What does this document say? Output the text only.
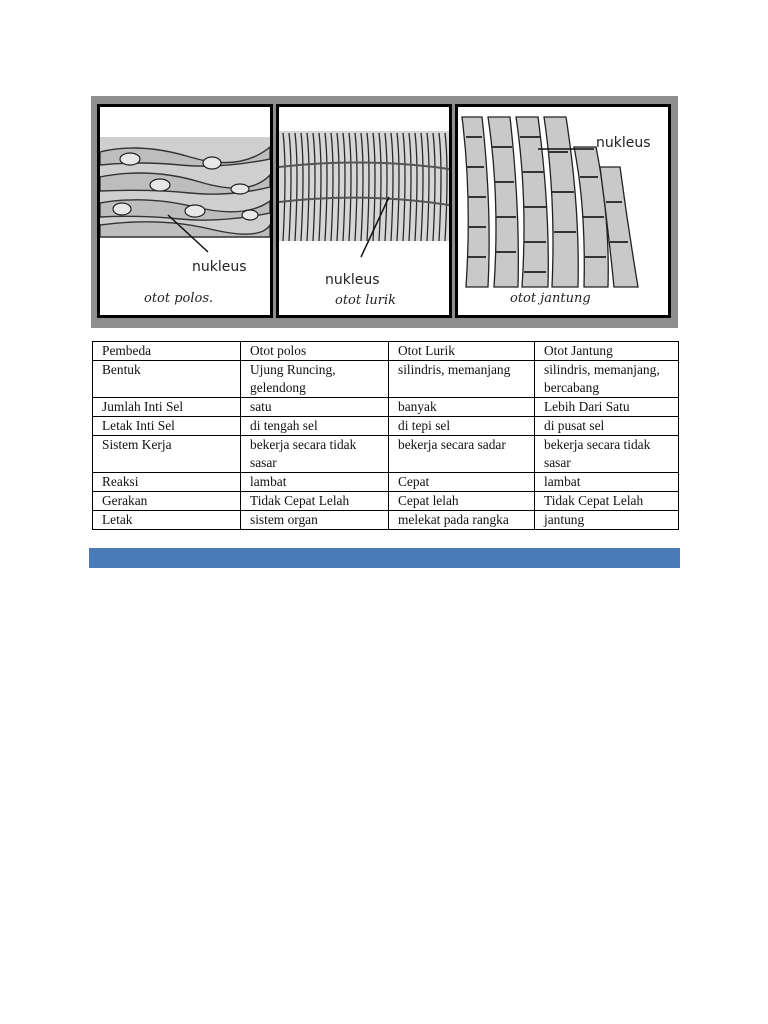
nukleus
otot polos.
nukleus
otot lurik
nukleus
otot jantung
Pembeda	Otot polos	Otot Lurik	Otot Jantung
Bentuk	Ujung Runcing, gelendong	silindris, memanjang	silindris, memanjang, bercabang
Jumlah Inti Sel	satu	banyak	Lebih Dari Satu
Letak Inti Sel	di tengah sel	di tepi sel	di pusat sel
Sistem Kerja	bekerja secara tidak sasar	bekerja secara sadar	bekerja secara tidak sasar
Reaksi	lambat	Cepat	lambat
Gerakan	Tidak Cepat Lelah	Cepat lelah	Tidak Cepat Lelah
Letak	sistem organ	melekat pada rangka	jantung
